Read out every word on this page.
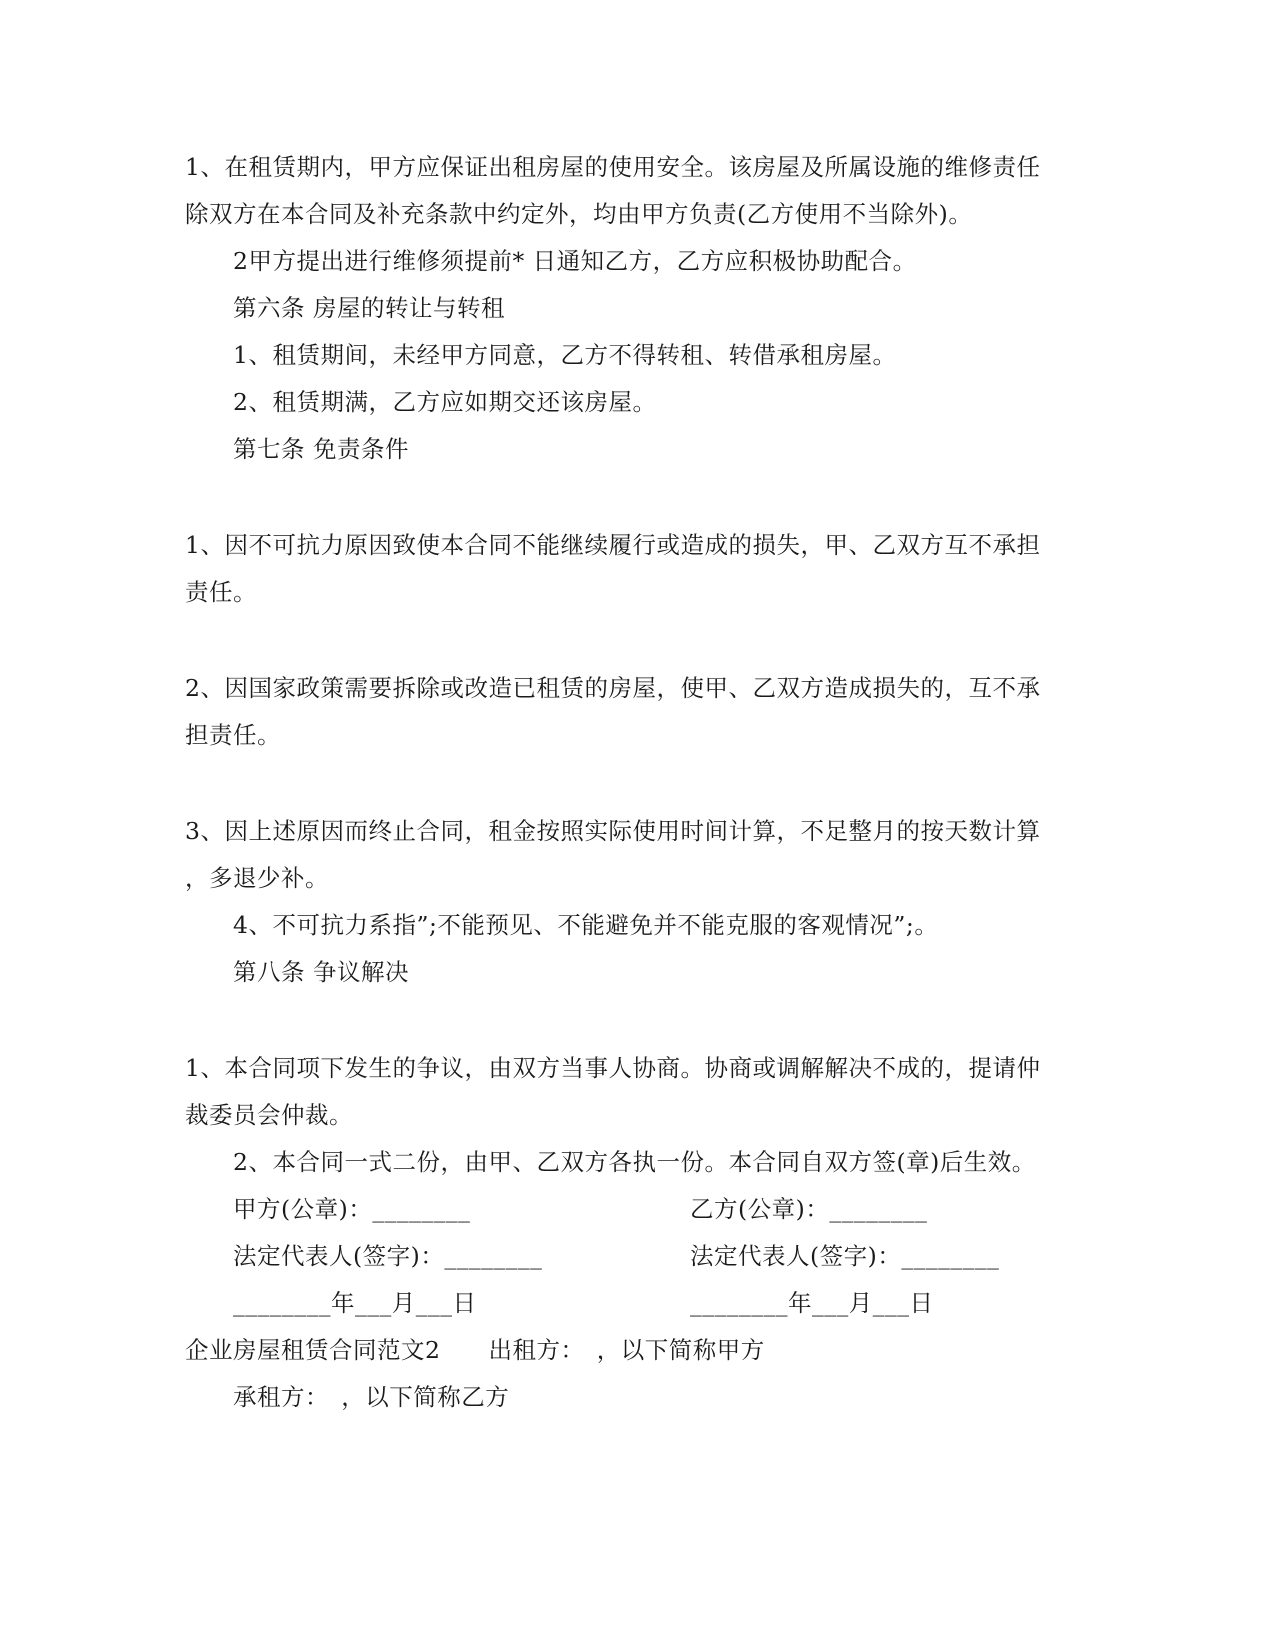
1、在租赁期内，甲方应保证出租房屋的使用安全。该房屋及所属设施的维修责任

除双方在本合同及补充条款中约定外，均由甲方负责(乙方使用不当除外)。

2甲方提出进行维修须提前* 日通知乙方，乙方应积极协助配合。

第六条 房屋的转让与转租

1、租赁期间，未经甲方同意，乙方不得转租、转借承租房屋。

2、租赁期满，乙方应如期交还该房屋。

第七条 免责条件

1、因不可抗力原因致使本合同不能继续履行或造成的损失，甲、乙双方互不承担

责任。

2、因国家政策需要拆除或改造已租赁的房屋，使甲、乙双方造成损失的，互不承

担责任。

3、因上述原因而终止合同，租金按照实际使用时间计算，不足整月的按天数计算

，多退少补。

4、不可抗力系指”;不能预见、不能避免并不能克服的客观情况”;。

第八条 争议解决

1、本合同项下发生的争议，由双方当事人协商。协商或调解解决不成的，提请仲

裁委员会仲裁。

2、本合同一式二份，由甲、乙双方各执一份。本合同自双方签(章)后生效。

甲方(公章)：________	乙方(公章)：________

法定代表人(签字)：________	法定代表人(签字)：________

________年___月___日	________年___月___日

企业房屋租赁合同范文2　　出租方：　，以下简称甲方

承租方：　，以下简称乙方
